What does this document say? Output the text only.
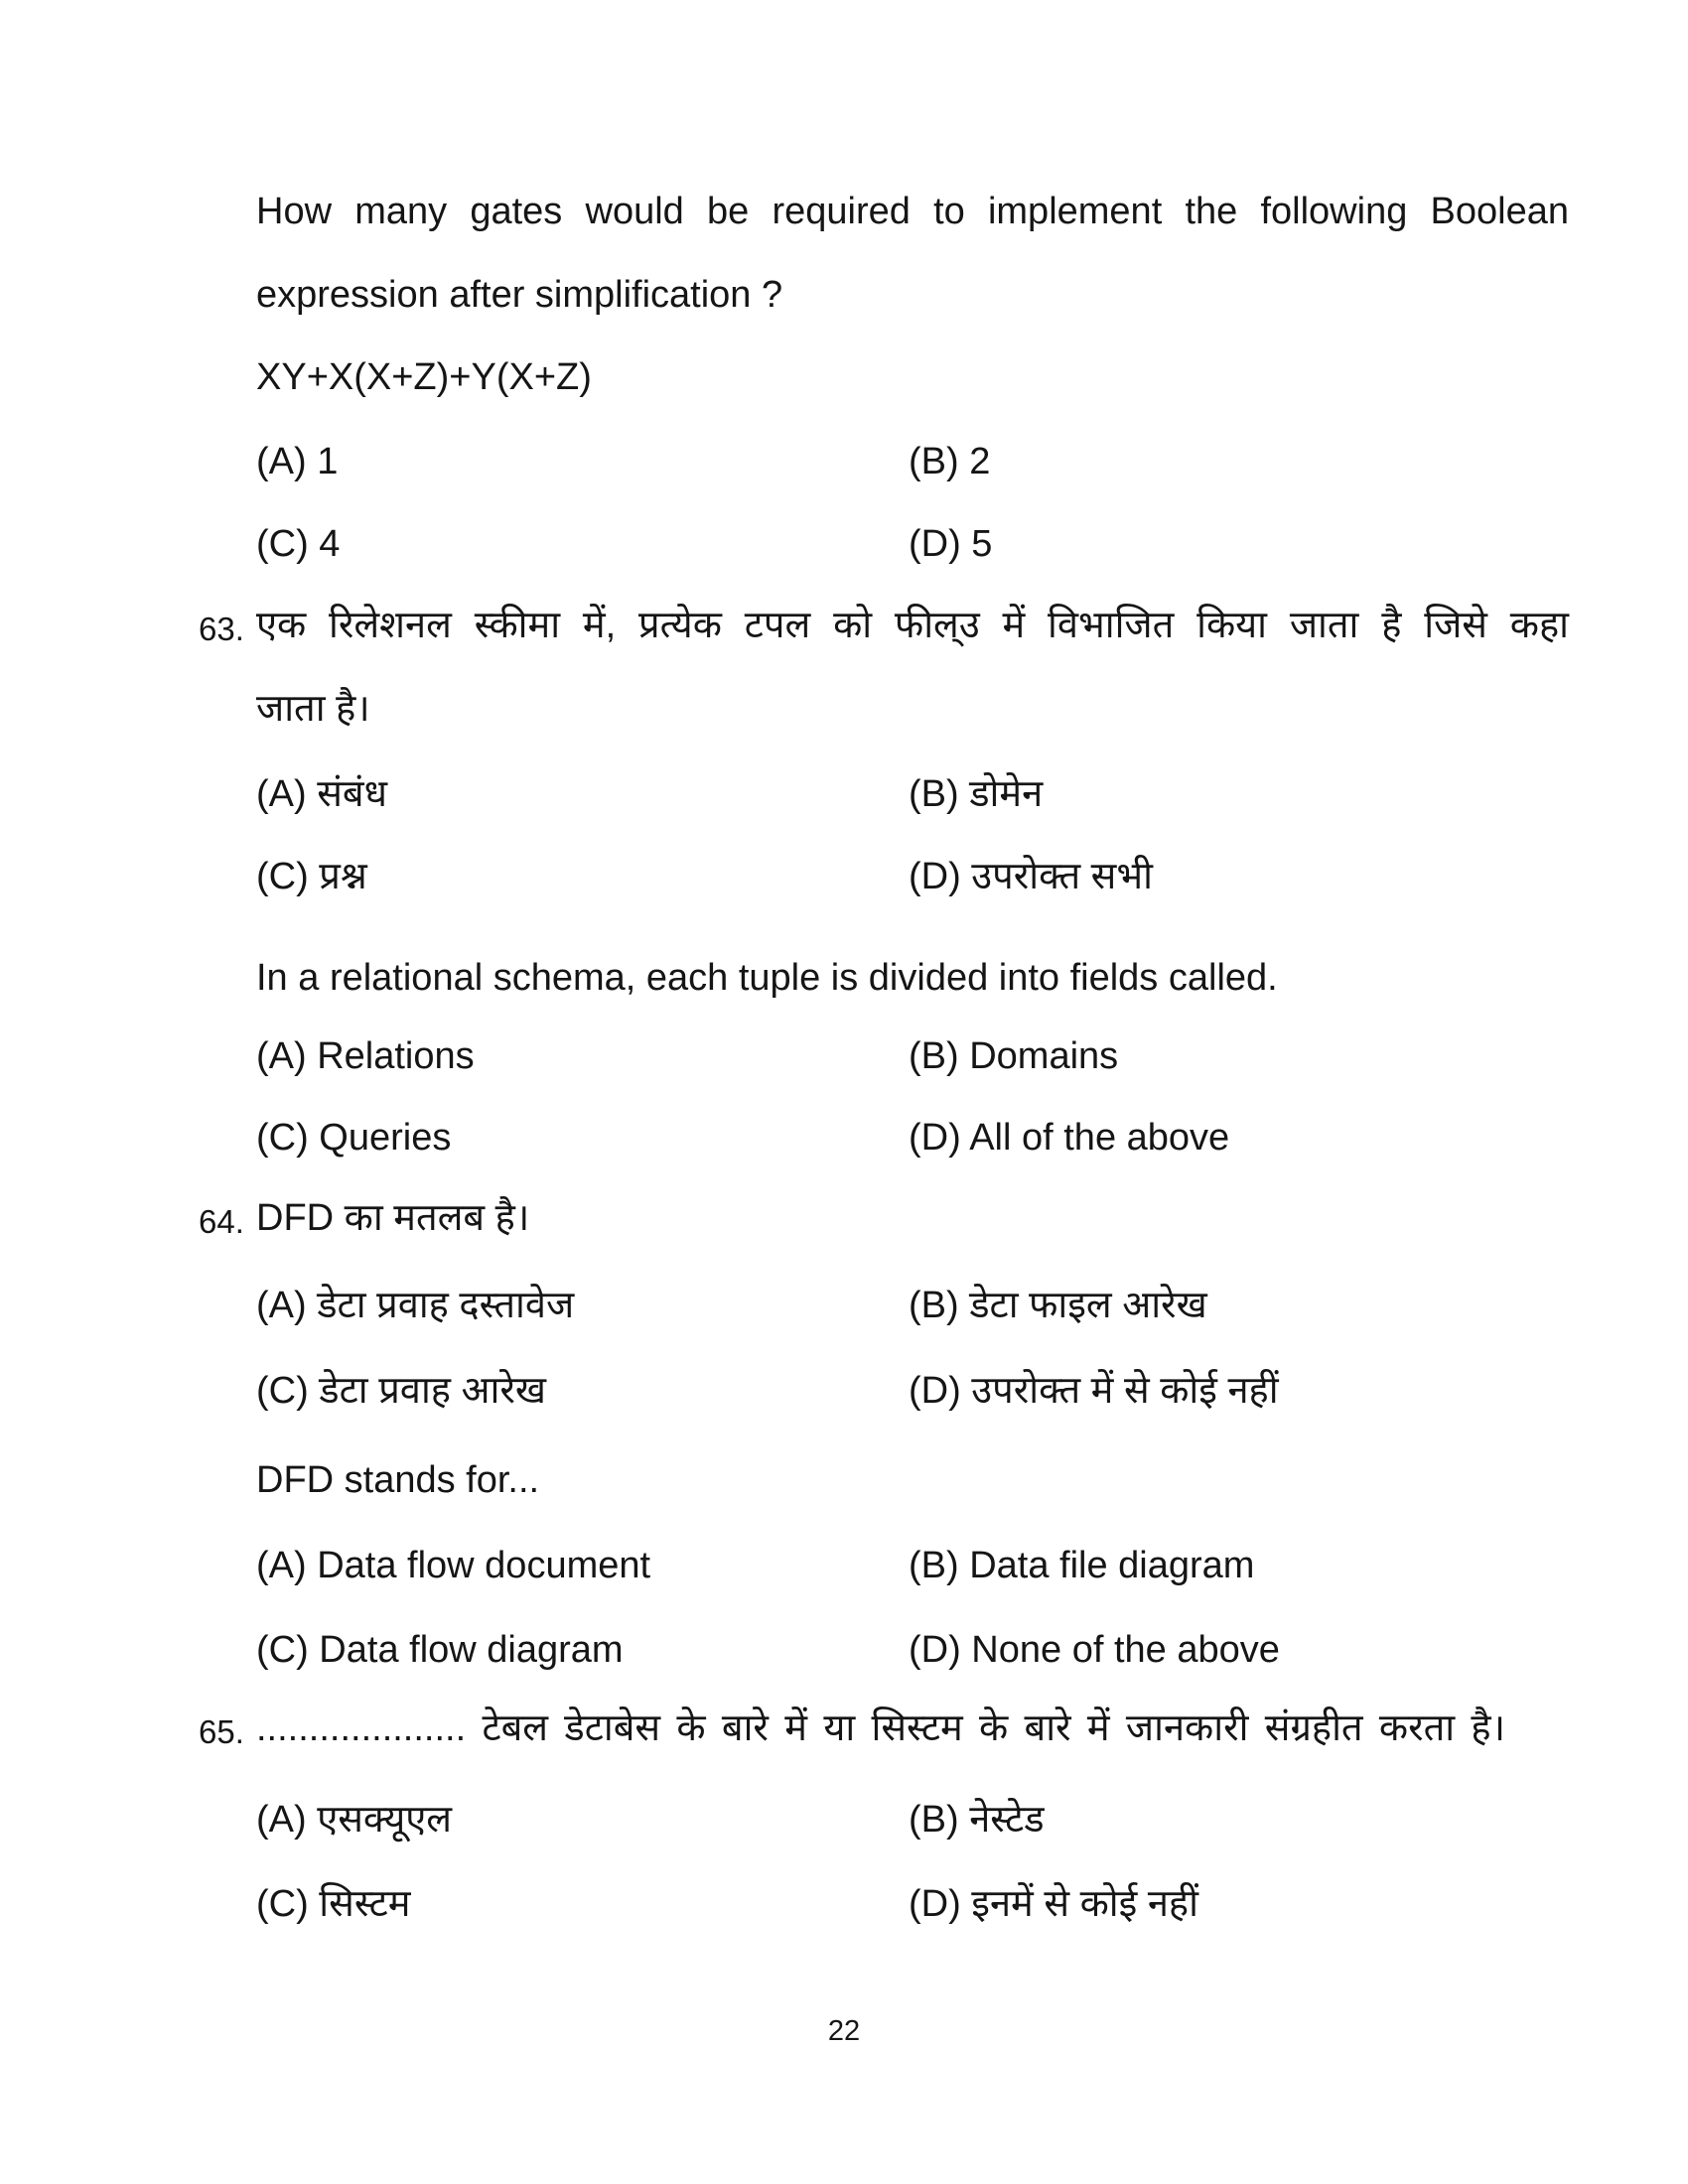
How many gates would be required to implement the following Boolean
expression after simplification ?
XY+X(X+Z)+Y(X+Z)
(A) 1	(B) 2
(C) 4	(D) 5
63. एक रिलेशनल स्कीमा में, प्रत्येक टपल को फील्उ में विभाजित किया जाता है जिसे कहा
जाता है।
(A) संबंध	(B) डोमेन
(C) प्रश्न	(D) उपरोक्त सभी
In a relational schema, each tuple is divided into fields called.
(A) Relations	(B) Domains
(C) Queries	(D) All of the above
64. DFD का मतलब है।
(A) डेटा प्रवाह दस्तावेज	(B) डेटा फाइल आरेख
(C) डेटा प्रवाह आरेख	(D) उपरोक्त में से कोई नहीं
DFD stands for...
(A) Data flow document	(B) Data file diagram
(C) Data flow diagram	(D) None of the above
65. .................... टेबल डेटाबेस के बारे में या सिस्टम के बारे में जानकारी संग्रहीत करता है।
(A) एसक्यूएल	(B) नेस्टेड
(C) सिस्टम	(D) इनमें से कोई नहीं
22
